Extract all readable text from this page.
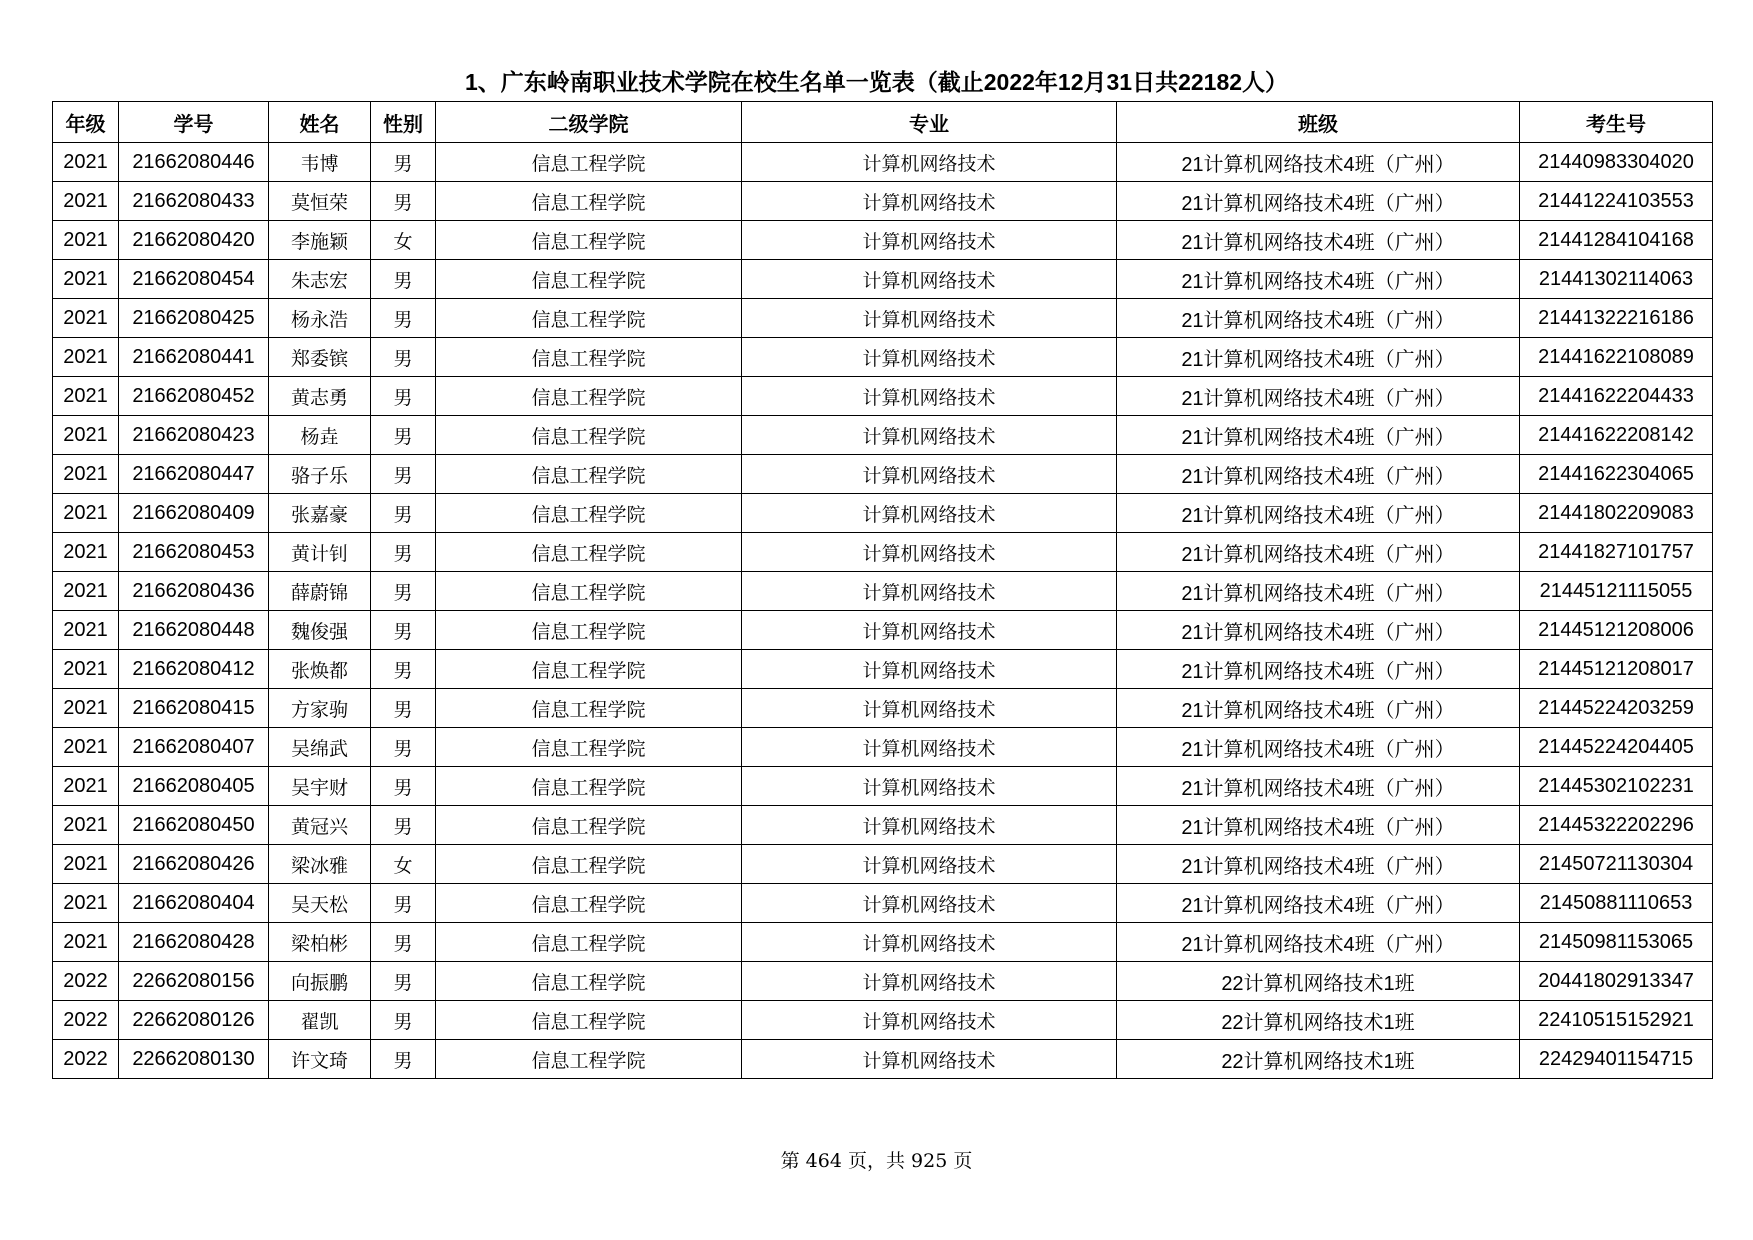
1、广东岭南职业技术学院在校生名单一览表（截止2022年12月31日共22182人）
年级	学号	姓名	性别	二级学院	专业	班级	考生号
2021	21662080446	韦博	男	信息工程学院	计算机网络技术	21计算机网络技术4班（广州）	21440983304020
2021	21662080433	莫恒荣	男	信息工程学院	计算机网络技术	21计算机网络技术4班（广州）	21441224103553
2021	21662080420	李施颖	女	信息工程学院	计算机网络技术	21计算机网络技术4班（广州）	21441284104168
2021	21662080454	朱志宏	男	信息工程学院	计算机网络技术	21计算机网络技术4班（广州）	21441302114063
2021	21662080425	杨永浩	男	信息工程学院	计算机网络技术	21计算机网络技术4班（广州）	21441322216186
2021	21662080441	郑委镔	男	信息工程学院	计算机网络技术	21计算机网络技术4班（广州）	21441622108089
2021	21662080452	黄志勇	男	信息工程学院	计算机网络技术	21计算机网络技术4班（广州）	21441622204433
2021	21662080423	杨垚	男	信息工程学院	计算机网络技术	21计算机网络技术4班（广州）	21441622208142
2021	21662080447	骆子乐	男	信息工程学院	计算机网络技术	21计算机网络技术4班（广州）	21441622304065
2021	21662080409	张嘉豪	男	信息工程学院	计算机网络技术	21计算机网络技术4班（广州）	21441802209083
2021	21662080453	黄计钊	男	信息工程学院	计算机网络技术	21计算机网络技术4班（广州）	21441827101757
2021	21662080436	薛蔚锦	男	信息工程学院	计算机网络技术	21计算机网络技术4班（广州）	21445121115055
2021	21662080448	魏俊强	男	信息工程学院	计算机网络技术	21计算机网络技术4班（广州）	21445121208006
2021	21662080412	张焕都	男	信息工程学院	计算机网络技术	21计算机网络技术4班（广州）	21445121208017
2021	21662080415	方家驹	男	信息工程学院	计算机网络技术	21计算机网络技术4班（广州）	21445224203259
2021	21662080407	吴绵武	男	信息工程学院	计算机网络技术	21计算机网络技术4班（广州）	21445224204405
2021	21662080405	吴宇财	男	信息工程学院	计算机网络技术	21计算机网络技术4班（广州）	21445302102231
2021	21662080450	黄冠兴	男	信息工程学院	计算机网络技术	21计算机网络技术4班（广州）	21445322202296
2021	21662080426	梁冰雅	女	信息工程学院	计算机网络技术	21计算机网络技术4班（广州）	21450721130304
2021	21662080404	吴天松	男	信息工程学院	计算机网络技术	21计算机网络技术4班（广州）	21450881110653
2021	21662080428	梁柏彬	男	信息工程学院	计算机网络技术	21计算机网络技术4班（广州）	21450981153065
2022	22662080156	向振鹏	男	信息工程学院	计算机网络技术	22计算机网络技术1班	20441802913347
2022	22662080126	翟凯	男	信息工程学院	计算机网络技术	22计算机网络技术1班	22410515152921
2022	22662080130	许文琦	男	信息工程学院	计算机网络技术	22计算机网络技术1班	22429401154715
第 464 页，共 925 页
